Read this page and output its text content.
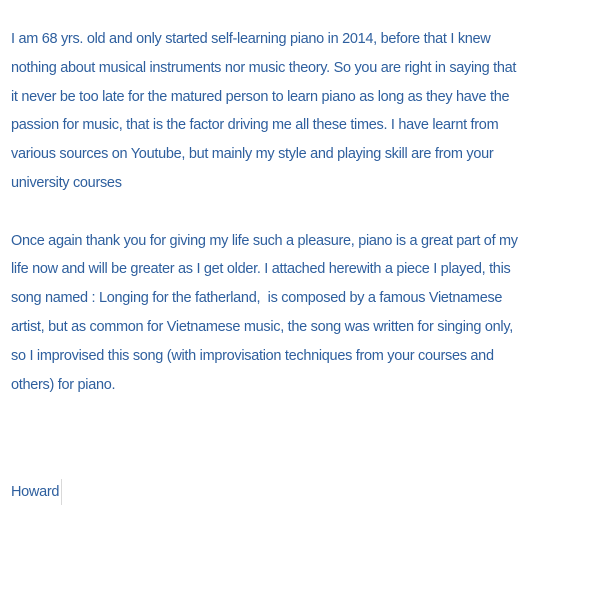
I am 68 yrs. old and only started self-learning piano in 2014, before that I knew
nothing about musical instruments nor music theory. So you are right in saying that
it never be too late for the matured person to learn piano as long as they have the
passion for music, that is the factor driving me all these times. I have learnt from
various sources on Youtube, but mainly my style and playing skill are from your
university courses
Once again thank you for giving my life such a pleasure, piano is a great part of my
life now and will be greater as I get older. I attached herewith a piece I played, this
song named : Longing for the fatherland,  is composed by a famous Vietnamese
artist, but as common for Vietnamese music, the song was written for singing only,
so I improvised this song (with improvisation techniques from your courses and
others) for piano.
Howard
